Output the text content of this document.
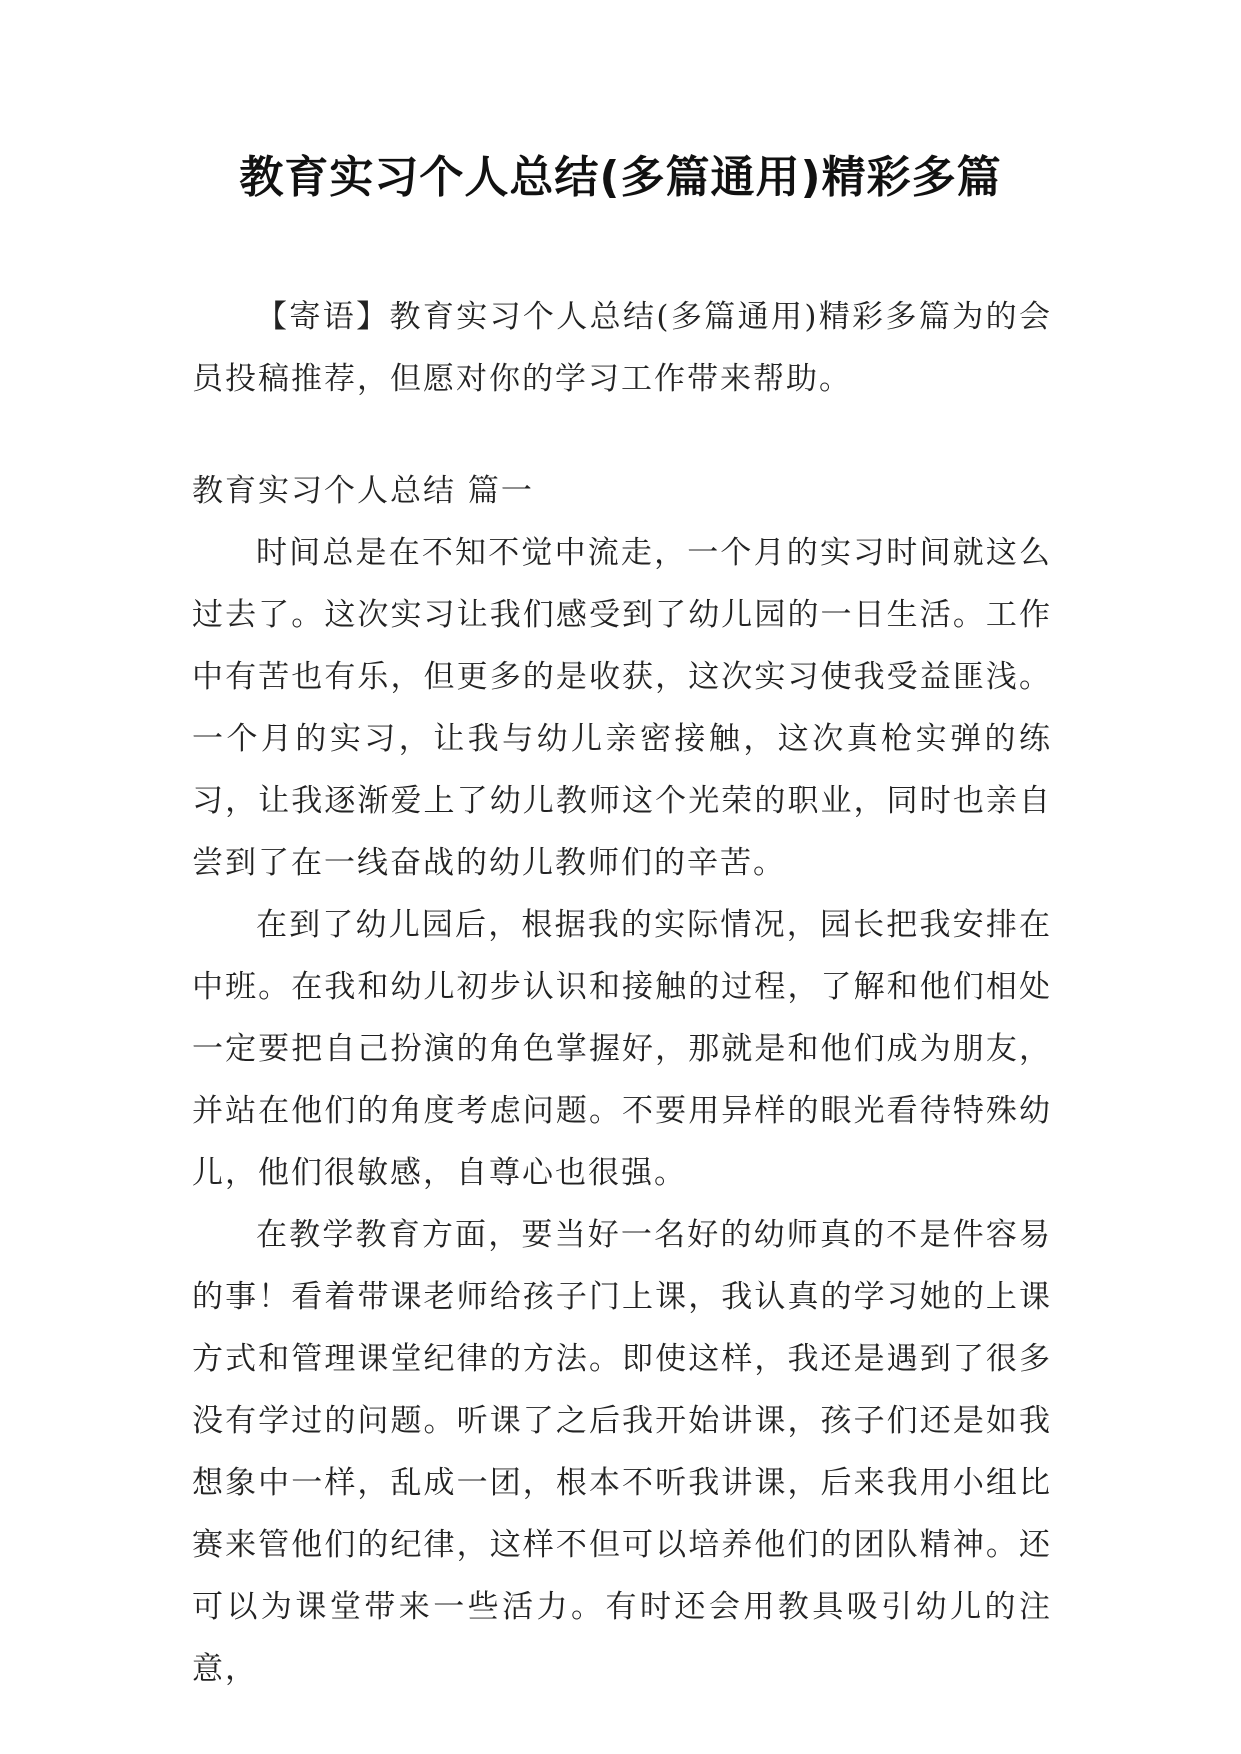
教育实习个人总结(多篇通用)精彩多篇

【寄语】教育实习个人总结(多篇通用)精彩多篇为的会员投稿推荐，但愿对你的学习工作带来帮助。

教育实习个人总结 篇一

时间总是在不知不觉中流走，一个月的实习时间就这么过去了。这次实习让我们感受到了幼儿园的一日生活。工作中有苦也有乐，但更多的是收获，这次实习使我受益匪浅。一个月的实习，让我与幼儿亲密接触，这次真枪实弹的练习，让我逐渐爱上了幼儿教师这个光荣的职业，同时也亲自尝到了在一线奋战的幼儿教师们的辛苦。

在到了幼儿园后，根据我的实际情况，园长把我安排在中班。在我和幼儿初步认识和接触的过程，了解和他们相处一定要把自己扮演的角色掌握好，那就是和他们成为朋友，并站在他们的角度考虑问题。不要用异样的眼光看待特殊幼儿，他们很敏感，自尊心也很强。

在教学教育方面，要当好一名好的幼师真的不是件容易的事！看着带课老师给孩子门上课，我认真的学习她的上课方式和管理课堂纪律的方法。即使这样，我还是遇到了很多没有学过的问题。听课了之后我开始讲课，孩子们还是如我想象中一样，乱成一团，根本不听我讲课，后来我用小组比赛来管他们的纪律，这样不但可以培养他们的团队精神。还可以为课堂带来一些活力。有时还会用教具吸引幼儿的注意，
